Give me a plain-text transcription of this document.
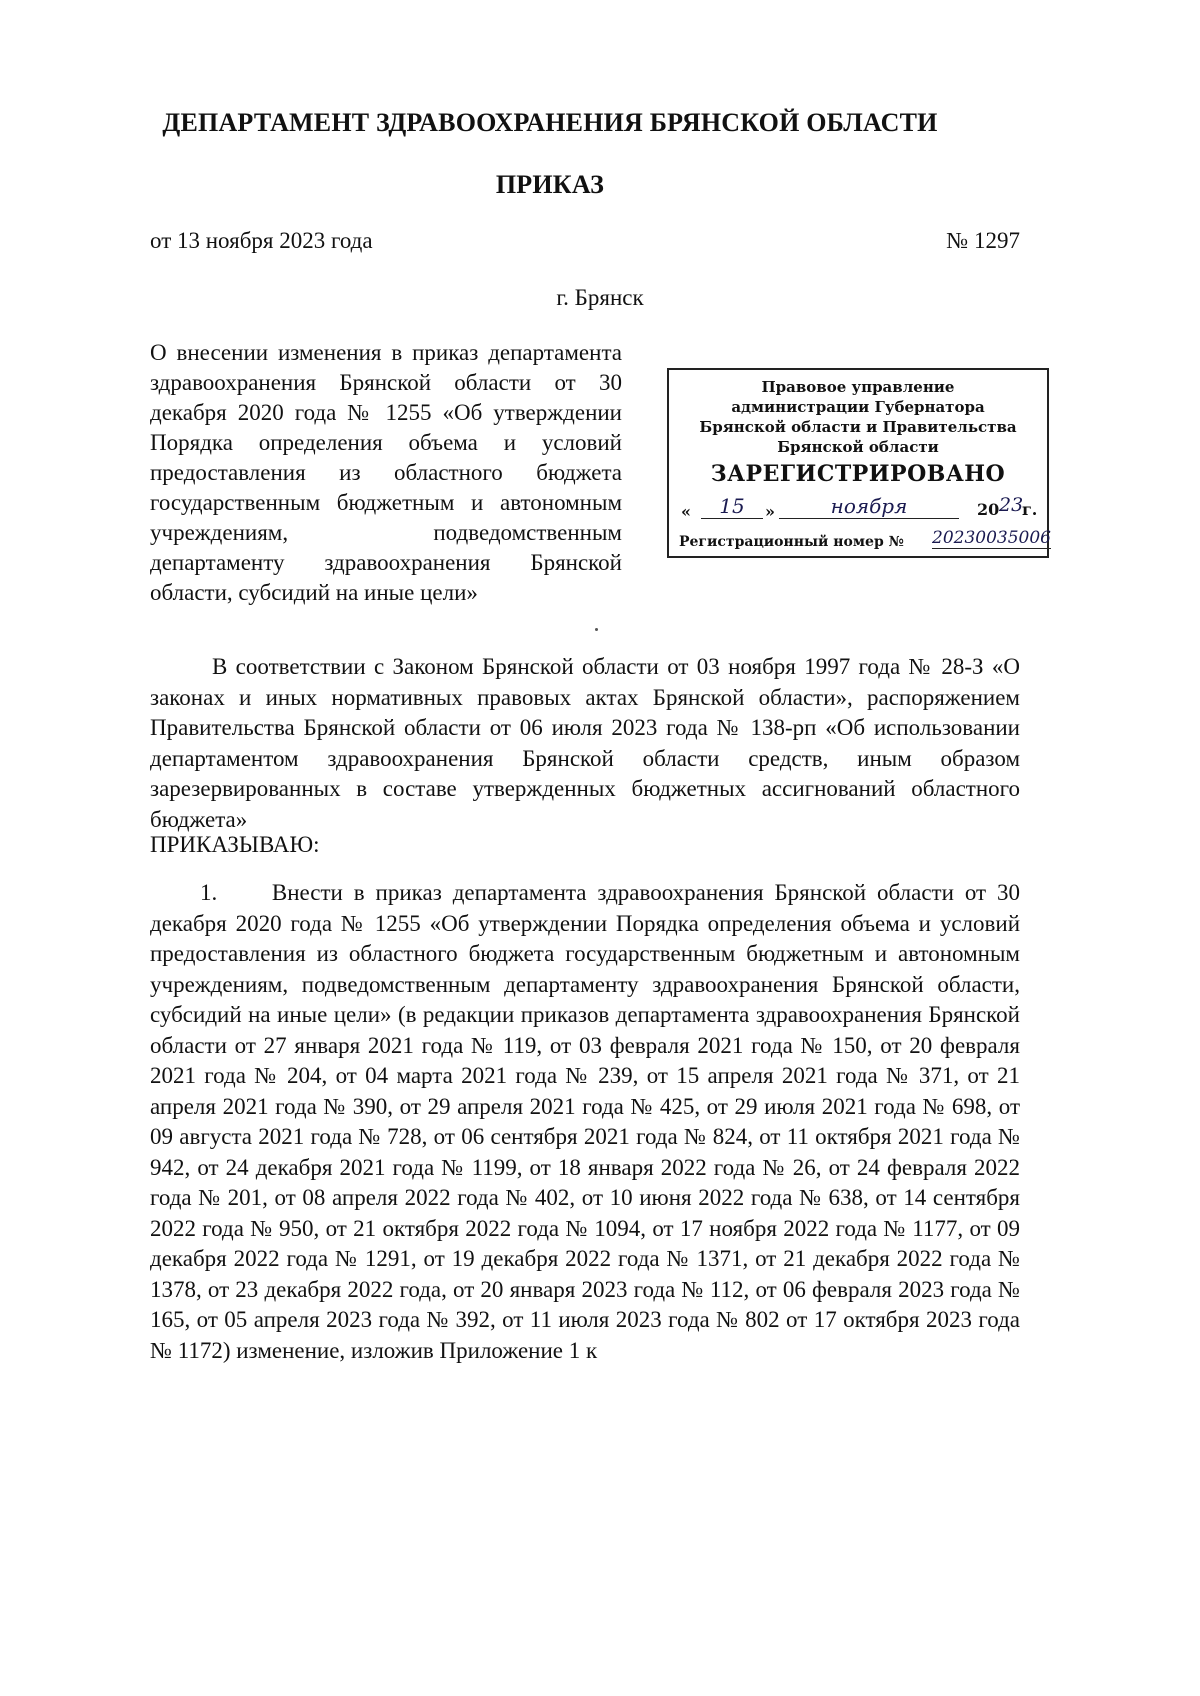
ДЕПАРТАМЕНТ ЗДРАВООХРАНЕНИЯ БРЯНСКОЙ ОБЛАСТИ
ПРИКАЗ
от 13 ноября 2023 года	№ 1297
г. Брянск
О внесении изменения в приказ департамента здравоохранения Брянской области от 30 декабря 2020 года № 1255 «Об утверждении Порядка определения объема и условий предоставления из областного бюджета государственным бюджетным и автономным учреждениям, подведомственным департаменту здравоохранения Брянской области, субсидий на иные цели»
Правовое управление
администрации Губернатора
Брянской области и Правительства
Брянской области
ЗАРЕГИСТРИРОВАНО
«	15	»	ноября	20 23
г.
Регистрационный номер № 20230035006
В соответствии с Законом Брянской области от 03 ноября 1997 года № 28-З «О законах и иных нормативных правовых актах Брянской области», распоряжением Правительства Брянской области от 06 июля 2023 года № 138-рп «Об использовании департаментом здравоохранения Брянской области средств, иным образом зарезервированных в составе утвержденных бюджетных ассигнований областного бюджета»
ПРИКАЗЫВАЮ:
1.     Внести в приказ департамента здравоохранения Брянской области от 30 декабря 2020 года № 1255 «Об утверждении Порядка определения объема и условий предоставления из областного бюджета государственным бюджетным и автономным учреждениям, подведомственным департаменту здравоохранения Брянской области, субсидий на иные цели» (в редакции приказов департамента здравоохранения Брянской области от 27 января 2021 года № 119, от 03 февраля 2021 года № 150, от 20 февраля 2021 года № 204, от 04 марта 2021 года № 239, от 15 апреля 2021 года № 371, от 21 апреля 2021 года № 390, от 29 апреля 2021 года № 425, от 29 июля 2021 года № 698, от 09 августа 2021 года № 728, от 06 сентября 2021 года № 824, от 11 октября 2021 года № 942, от 24 декабря 2021 года № 1199, от 18 января 2022 года № 26, от 24 февраля 2022 года № 201, от 08 апреля 2022 года № 402, от 10 июня 2022 года № 638, от 14 сентября 2022 года № 950, от 21 октября 2022 года № 1094, от 17 ноября 2022 года № 1177, от 09 декабря 2022 года № 1291, от 19 декабря 2022 года № 1371, от 21 декабря 2022 года № 1378, от 23 декабря 2022 года, от 20 января 2023 года № 112, от 06 февраля 2023 года № 165, от 05 апреля 2023 года № 392, от 11 июля 2023 года № 802 от 17 октября 2023 года № 1172) изменение, изложив Приложение 1 к
